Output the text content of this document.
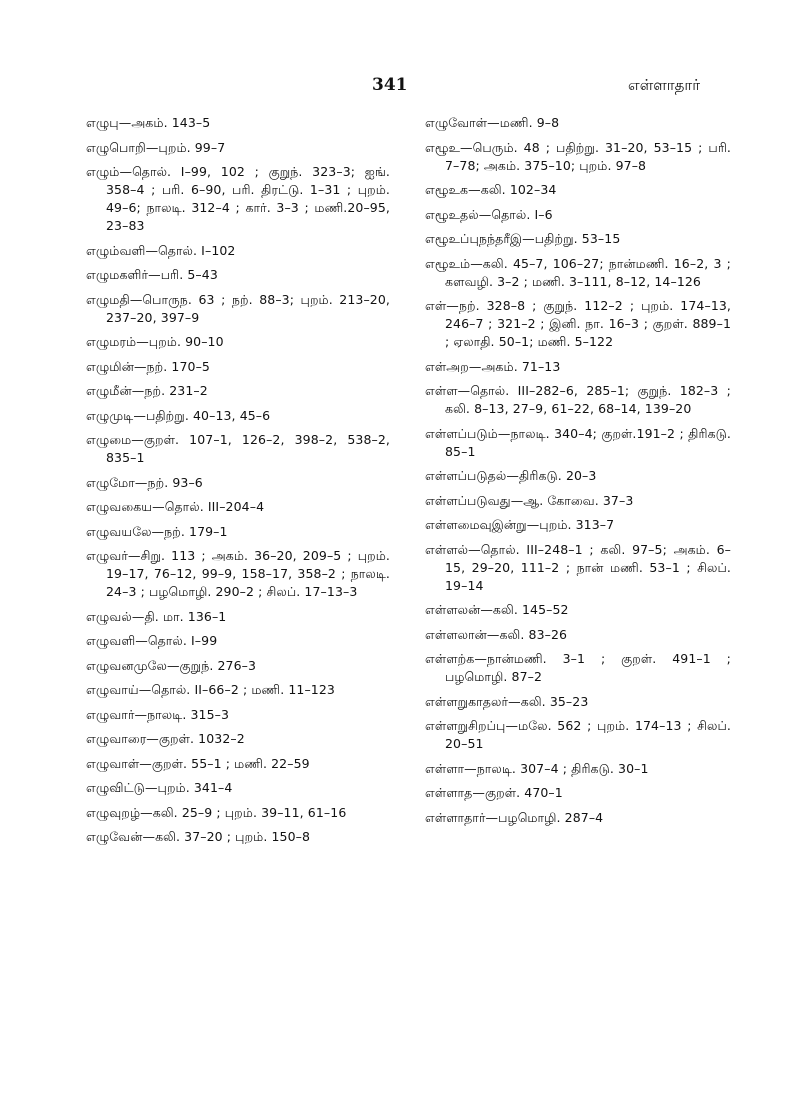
341	எள்ளாதார்
எழுபு—அகம். 143–5
எழுபொறி—புறம். 99–7
எழும்—தொல். I–99, 102 ; குறுந். 323–3; ஐங். 358–4 ; பரி. 6–90, பரி. திரட்டு. 1–31 ; புறம். 49–6; நாலடி. 312–4 ; கார். 3–3 ; மணி.20–95, 23–83
எழும்வளி—தொல். I–102
எழுமகளிர்—பரி. 5–43
எழுமதி—பொருந. 63 ; நற். 88–3; புறம். 213–20, 237–20, 397–9
எழுமரம்—புறம். 90–10
எழுமின்—நற். 170–5
எழுமீன்—நற். 231–2
எழுமுடி—பதிற்று. 40–13, 45–6
எழுமை—குறள். 107–1, 126–2, 398–2, 538–2, 835–1
எழுமோ—நற். 93–6
எழுவகைய—தொல். III–204–4
எழுவயலே—நற். 179–1
எழுவர்—சிறு. 113 ; அகம். 36–20, 209–5 ; புறம். 19–17, 76–12, 99–9, 158–17, 358–2 ; நாலடி. 24–3 ; பழமொழி. 290–2 ; சிலப். 17–13–3
எழுவல்—தி. மா. 136–1
எழுவளி—தொல். I–99
எழுவனமுலே—குறுந். 276–3
எழுவாய்—தொல். II–66–2 ; மணி. 11–123
எழுவார்—நாலடி. 315–3
எழுவாரை—குறள். 1032–2
எழுவாள்—குறள். 55–1 ; மணி. 22–59
எழுவிட்டு—புறம். 341–4
எழுவுறழ்—கலி. 25–9 ; புறம். 39–11, 61–16
எழுவேன்—கலி. 37–20 ; புறம். 150–8
எழுவோள்—மணி. 9–8
எழூஉ—பெரும். 48 ; பதிற்று. 31–20, 53–15 ; பரி. 7–78; அகம். 375–10; புறம். 97–8
எழூஉக—கலி. 102–34
எழூஉதல்—தொல். I–6
எழூஉப்புநந்தரீஇ—பதிற்று. 53–15
எழூஉம்—கலி. 45–7, 106–27; நான்மணி. 16–2, 3 ; களவழி. 3–2 ; மணி. 3–111, 8–12, 14–126
எள்—நற். 328–8 ; குறுந். 112–2 ; புறம். 174–13, 246–7 ; 321–2 ; இனி. நா. 16–3 ; குறள். 889–1 ; ஏலாதி. 50–1; மணி. 5–122
எள்அற—அகம். 71–13
எள்ள—தொல். III–282–6, 285–1; குறுந். 182–3 ; கலி. 8–13, 27–9, 61–22, 68–14, 139–20
எள்ளப்படும்—நாலடி. 340–4; குறள்.191–2 ; திரிகடு. 85–1
எள்ளப்படுதல்—திரிகடு. 20–3
எள்ளப்படுவது—ஆ. கோவை. 37–3
எள்ளமைவுஇன்று—புறம். 313–7
எள்ளல்—தொல். III–248–1 ; கலி. 97–5; அகம். 6–15, 29–20, 111–2 ; நான் மணி. 53–1 ; சிலப். 19–14
எள்ளலன்—கலி. 145–52
எள்ளலான்—கலி. 83–26
எள்ளற்க—நான்மணி. 3–1 ; குறள். 491–1 ; பழமொழி. 87–2
எள்ளறுகாதலர்—கலி. 35–23
எள்ளறுசிறப்பு—மலே. 562 ; புறம். 174–13 ; சிலப். 20–51
எள்ளா—நாலடி. 307–4 ; திரிகடு. 30–1
எள்ளாத—குறள். 470–1
எள்ளாதார்—பழமொழி. 287–4
